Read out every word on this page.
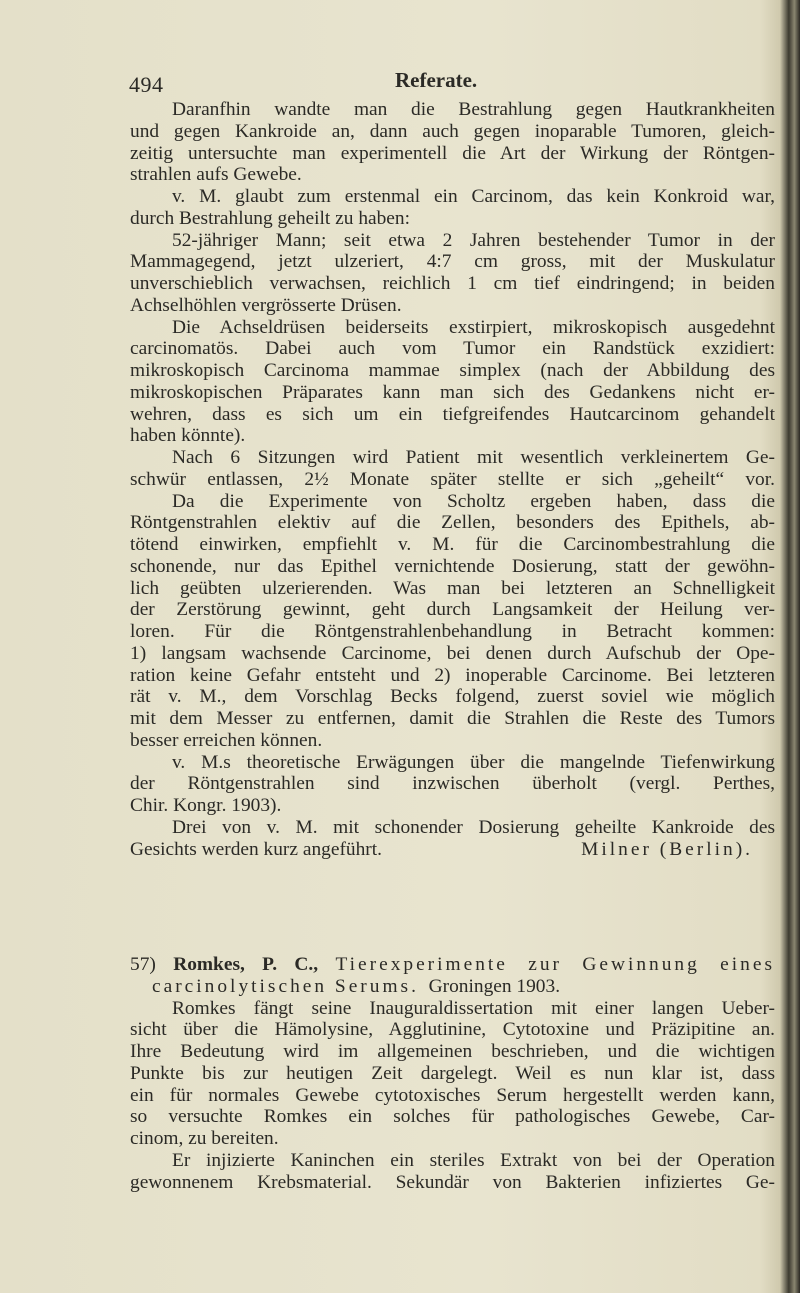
494	Referate.
Daranfhin wandte man die Bestrahlung gegen Hautkrankheiten
und gegen Kankroide an, dann auch gegen inoparable Tumoren, gleich-
zeitig untersuchte man experimentell die Art der Wirkung der Röntgen-
strahlen aufs Gewebe.
v. M. glaubt zum erstenmal ein Carcinom, das kein Konkroid war,
durch Bestrahlung geheilt zu haben:
52-jähriger Mann; seit etwa 2 Jahren bestehender Tumor in der
Mammagegend, jetzt ulzeriert, 4:7 cm gross, mit der Muskulatur
unverschieblich verwachsen, reichlich 1 cm tief eindringend; in beiden
Achselhöhlen vergrösserte Drüsen.
Die Achseldrüsen beiderseits exstirpiert, mikroskopisch ausgedehnt
carcinomatös. Dabei auch vom Tumor ein Randstück exzidiert:
mikroskopisch Carcinoma mammae simplex (nach der Abbildung des
mikroskopischen Präparates kann man sich des Gedankens nicht er-
wehren, dass es sich um ein tiefgreifendes Hautcarcinom gehandelt
haben könnte).
Nach 6 Sitzungen wird Patient mit wesentlich verkleinertem Ge-
schwür entlassen, 2½ Monate später stellte er sich „geheilt“ vor.
Da die Experimente von Scholtz ergeben haben, dass die
Röntgenstrahlen elektiv auf die Zellen, besonders des Epithels, ab-
tötend einwirken, empfiehlt v. M. für die Carcinombestrahlung die
schonende, nur das Epithel vernichtende Dosierung, statt der gewöhn-
lich geübten ulzerierenden. Was man bei letzteren an Schnelligkeit
der Zerstörung gewinnt, geht durch Langsamkeit der Heilung ver-
loren. Für die Röntgenstrahlenbehandlung in Betracht kommen:
1) langsam wachsende Carcinome, bei denen durch Aufschub der Ope-
ration keine Gefahr entsteht und 2) inoperable Carcinome. Bei letzteren
rät v. M., dem Vorschlag Becks folgend, zuerst soviel wie möglich
mit dem Messer zu entfernen, damit die Strahlen die Reste des Tumors
besser erreichen können.
v. M.s theoretische Erwägungen über die mangelnde Tiefenwirkung
der Röntgenstrahlen sind inzwischen überholt (vergl. Perthes,
Chir. Kongr. 1903).
Drei von v. M. mit schonender Dosierung geheilte Kankroide des
Gesichts werden kurz angeführt.	Milner (Berlin).
57) Romkes, P. C., Tierexperimente zur Gewinnung eines
carcinolytischen Serums. Groningen 1903.
Romkes fängt seine Inauguraldissertation mit einer langen Ueber-
sicht über die Hämolysine, Agglutinine, Cytotoxine und Präzipitine an.
Ihre Bedeutung wird im allgemeinen beschrieben, und die wichtigen
Punkte bis zur heutigen Zeit dargelegt. Weil es nun klar ist, dass
ein für normales Gewebe cytotoxisches Serum hergestellt werden kann,
so versuchte Romkes ein solches für pathologisches Gewebe, Car-
cinom, zu bereiten.
Er injizierte Kaninchen ein steriles Extrakt von bei der Operation
gewonnenem Krebsmaterial. Sekundär von Bakterien infiziertes Ge-
